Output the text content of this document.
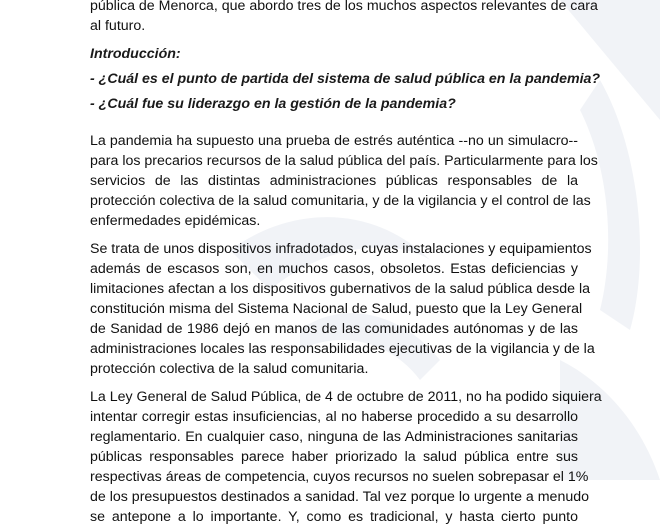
pública de Menorca, que abordo tres de los muchos aspectos relevantes de cara
al futuro.
Introducción:
- ¿Cuál es el punto de partida del sistema de salud pública en la pandemia?
- ¿Cuál fue su liderazgo en la gestión de la pandemia?
La pandemia ha supuesto una prueba de estrés auténtica --no un simulacro--
para los precarios recursos de la salud pública del país. Particularmente para los
servicios de las distintas administraciones públicas responsables de la
protección colectiva de la salud comunitaria, y de la vigilancia y el control de las
enfermedades epidémicas.
Se trata de unos dispositivos infradotados, cuyas instalaciones y equipamientos
además de escasos son, en muchos casos, obsoletos. Estas deficiencias y
limitaciones afectan a los dispositivos gubernativos de la salud pública desde la
constitución misma del Sistema Nacional de Salud, puesto que la Ley General
de Sanidad de 1986 dejó en manos de las comunidades autónomas y de las
administraciones locales las responsabilidades ejecutivas de la vigilancia y de la
protección colectiva de la salud comunitaria.
La Ley General de Salud Pública, de 4 de octubre de 2011, no ha podido siquiera
intentar corregir estas insuficiencias, al no haberse procedido a su desarrollo
reglamentario. En cualquier caso, ninguna de las Administraciones sanitarias
públicas responsables parece haber priorizado la salud pública entre sus
respectivas áreas de competencia, cuyos recursos no suelen sobrepasar el 1%
de los presupuestos destinados a sanidad. Tal vez porque lo urgente a menudo
se antepone a lo importante. Y, como es tradicional, y hasta cierto punto
